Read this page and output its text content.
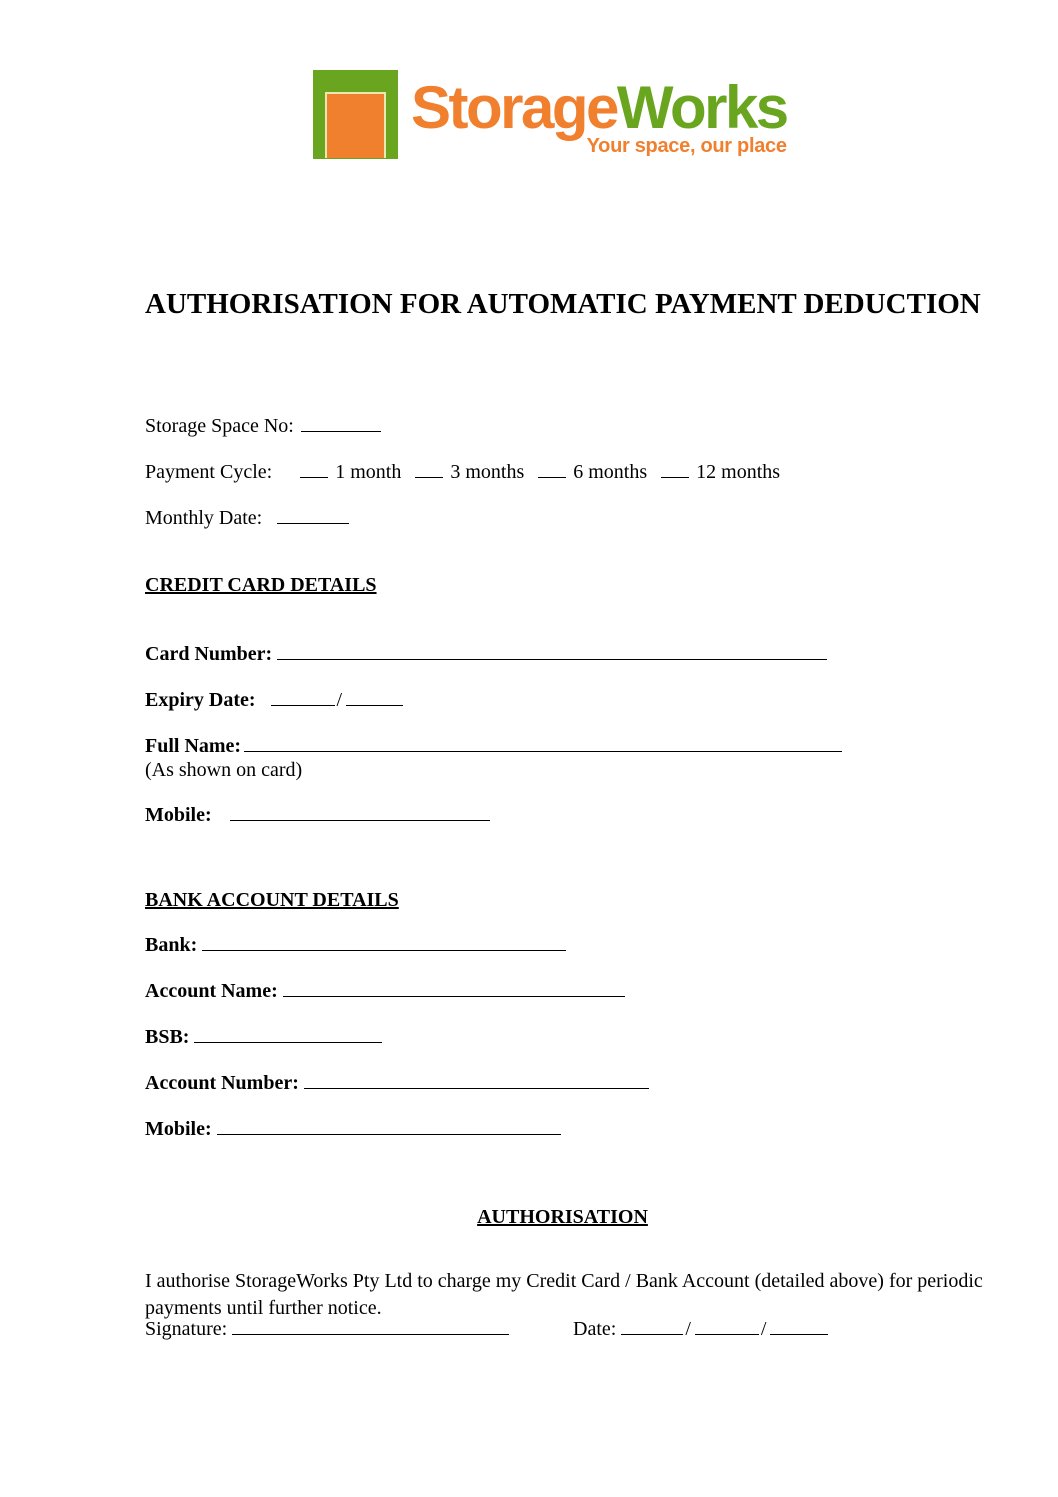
StorageWorks
Your space, our place
AUTHORISATION FOR AUTOMATIC PAYMENT DEDUCTION
Storage Space No:
Payment Cycle:	1 month 3 months 6 months 12 months
Monthly Date:
CREDIT CARD DETAILS
Card Number:
Expiry Date:	/
Full Name:
(As shown on card)
Mobile:
BANK ACCOUNT DETAILS
Bank:
Account Name:
BSB:
Account Number:
Mobile:
AUTHORISATION

I authorise StorageWorks Pty Ltd to charge my Credit Card / Bank Account (detailed above) for periodic payments until further notice.

Signature:	Date:	/	/
